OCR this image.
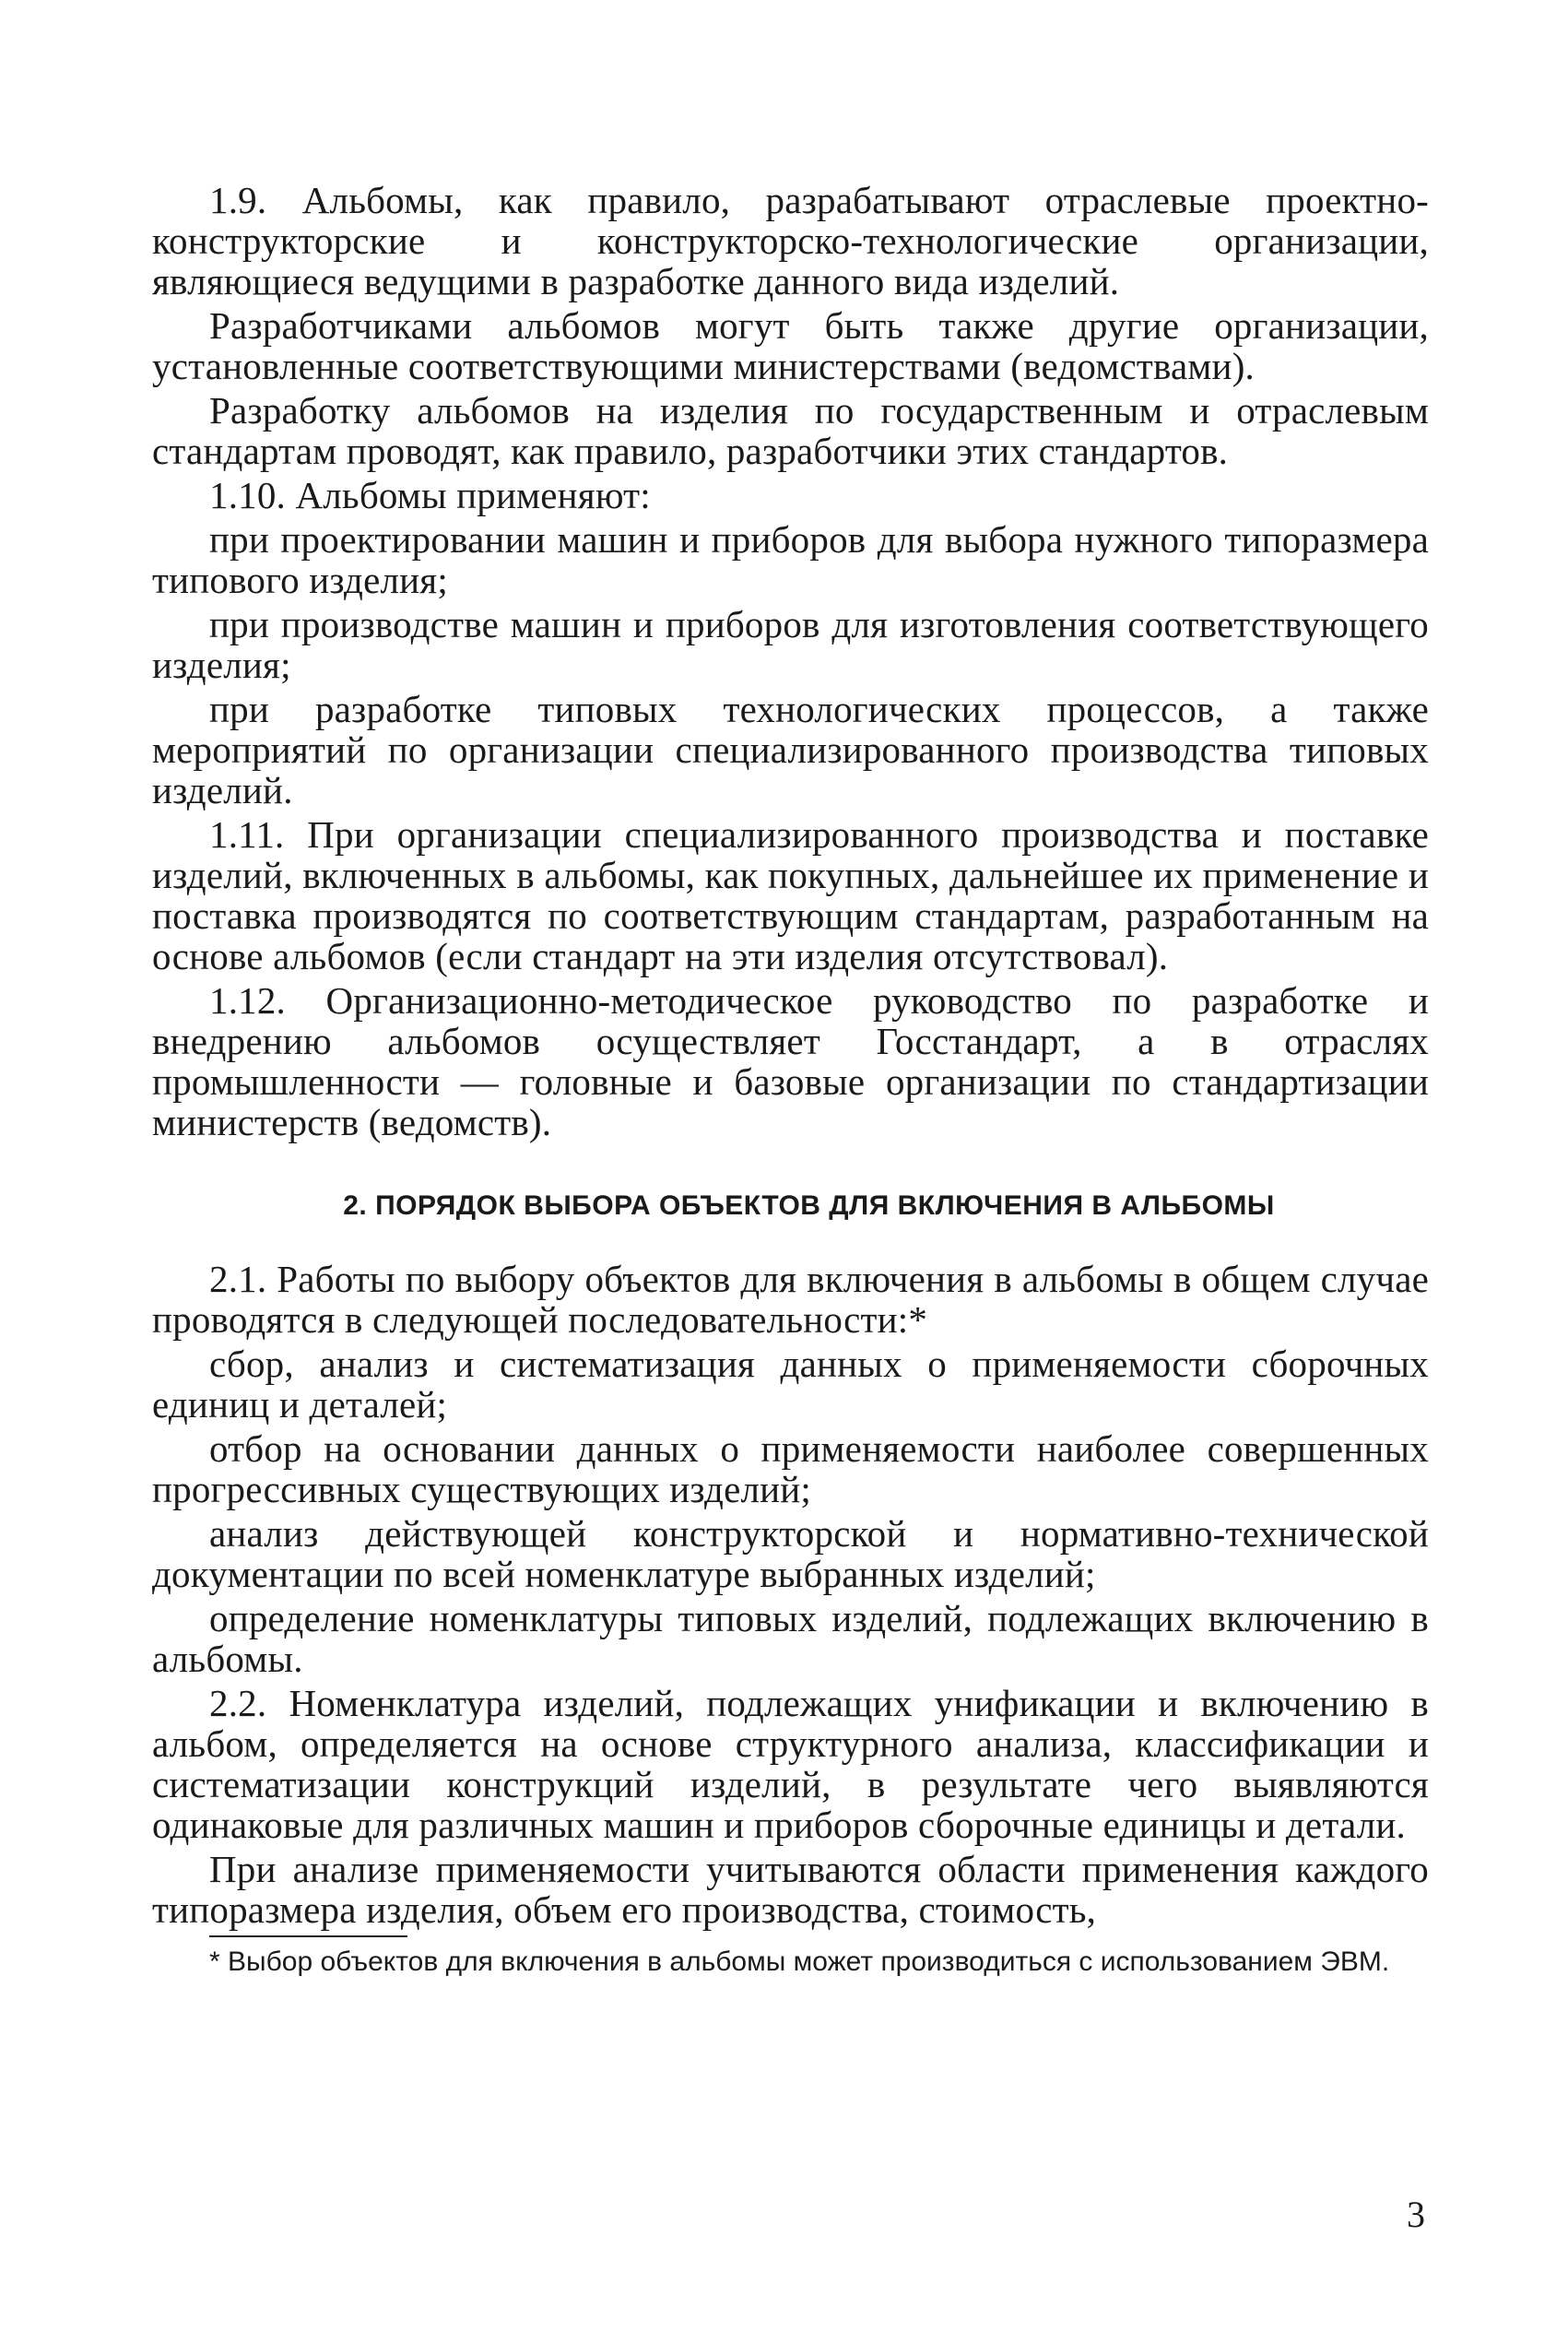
1.9. Альбомы, как правило, разрабатывают отраслевые проектно-конструкторские и конструкторско-технологические организации, являющиеся ведущими в разработке данного вида изделий.

Разработчиками альбомов могут быть также другие организации, установленные соответствующими министерствами (ведомствами).

Разработку альбомов на изделия по государственным и отраслевым стандартам проводят, как правило, разработчики этих стандартов.

1.10. Альбомы применяют:

при проектировании машин и приборов для выбора нужного типоразмера типового изделия;

при производстве машин и приборов для изготовления соответствующего изделия;

при разработке типовых технологических процессов, а также мероприятий по организации специализированного производства типовых изделий.

1.11. При организации специализированного производства и поставке изделий, включенных в альбомы, как покупных, дальнейшее их применение и поставка производятся по соответствующим стандартам, разработанным на основе альбомов (если стандарт на эти изделия отсутствовал).

1.12. Организационно-методическое руководство по разработке и внедрению альбомов осуществляет Госстандарт, а в отраслях промышленности — головные и базовые организации по стандартизации министерств (ведомств).

2. ПОРЯДОК ВЫБОРА ОБЪЕКТОВ ДЛЯ ВКЛЮЧЕНИЯ В АЛЬБОМЫ

2.1. Работы по выбору объектов для включения в альбомы в общем случае проводятся в следующей последовательности:*

сбор, анализ и систематизация данных о применяемости сборочных единиц и деталей;

отбор на основании данных о применяемости наиболее совершенных прогрессивных существующих изделий;

анализ действующей конструкторской и нормативно-технической документации по всей номенклатуре выбранных изделий;

определение номенклатуры типовых изделий, подлежащих включению в альбомы.

2.2. Номенклатура изделий, подлежащих унификации и включению в альбом, определяется на основе структурного анализа, классификации и систематизации конструкций изделий, в результате чего выявляются одинаковые для различных машин и приборов сборочные единицы и детали.

При анализе применяемости учитываются области применения каждого типоразмера изделия, объем его производства, стоимость,

* Выбор объектов для включения в альбомы может производиться с использованием ЭВМ.

3
